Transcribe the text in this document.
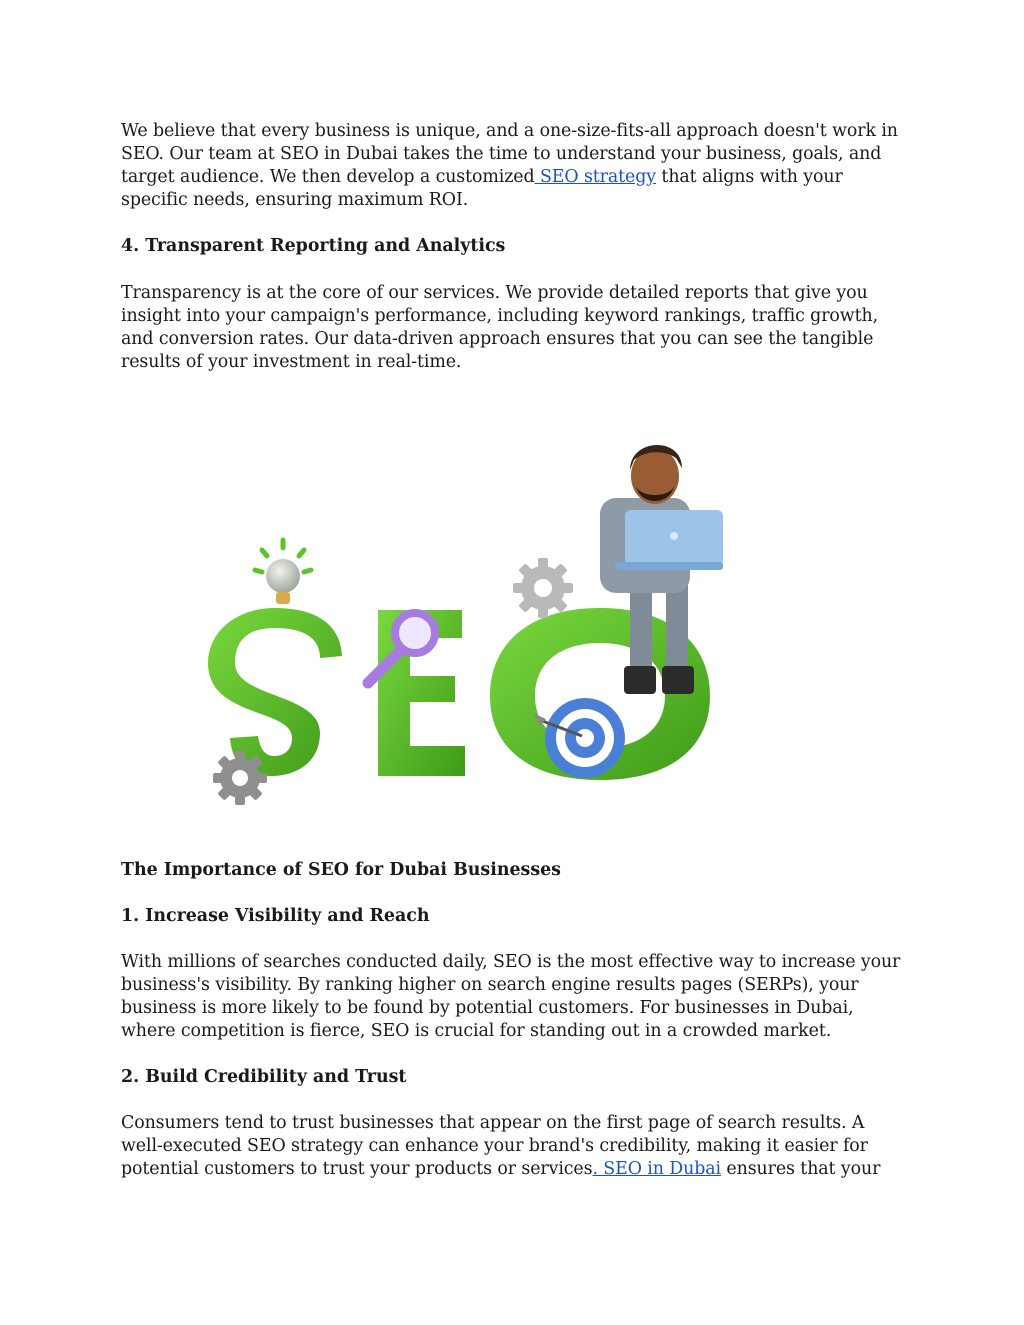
We believe that every business is unique, and a one-size-fits-all approach doesn't work in SEO. Our team at SEO in Dubai takes the time to understand your business, goals, and target audience. We then develop a customized SEO strategy that aligns with your specific needs, ensuring maximum ROI.

4. Transparent Reporting and Analytics

Transparency is at the core of our services. We provide detailed reports that give you insight into your campaign's performance, including keyword rankings, traffic growth, and conversion rates. Our data-driven approach ensures that you can see the tangible results of your investment in real-time.

The Importance of SEO for Dubai Businesses
1. Increase Visibility and Reach

With millions of searches conducted daily, SEO is the most effective way to increase your business's visibility. By ranking higher on search engine results pages (SERPs), your business is more likely to be found by potential customers. For businesses in Dubai, where competition is fierce, SEO is crucial for standing out in a crowded market.

2. Build Credibility and Trust

Consumers tend to trust businesses that appear on the first page of search results. A well-executed SEO strategy can enhance your brand's credibility, making it easier for potential customers to trust your products or services. SEO in Dubai ensures that your
